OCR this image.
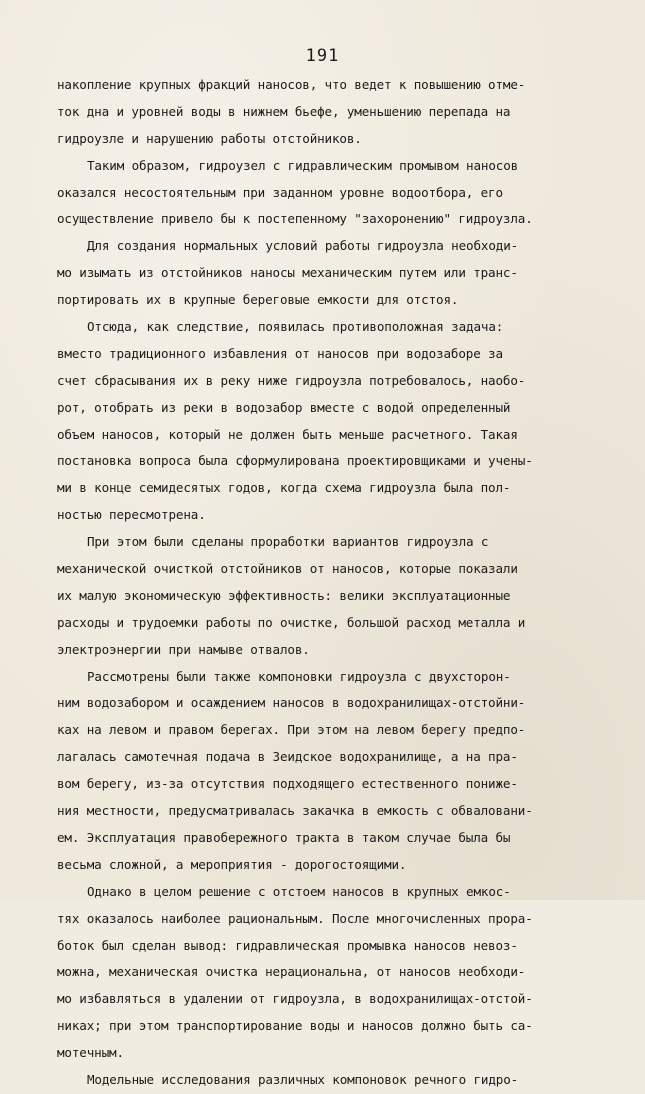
191
накопление крупных фракций наносов, что ведет к повышению отме-
ток дна и уровней воды в нижнем бьефе, уменьшению перепада на
гидроузле и нарушению работы отстойников.
Таким образом, гидроузел с гидравлическим промывом наносов
оказался несостоятельным при заданном уровне водоотбора, его
осуществление привело бы к постепенному "захоронению" гидроузла.
Для создания нормальных условий работы гидроузла необходи-
мо изымать из отстойников наносы механическим путем или транс-
портировать их в крупные береговые емкости для отстоя.
Отсюда, как следствие, появилась противоположная задача:
вместо традиционного избавления от наносов при водозаборе за
счет сбрасывания их в реку ниже гидроузла потребовалось, наобо-
рот, отобрать из реки в водозабор вместе с водой определенный
объем наносов, который не должен быть меньше расчетного. Такая
постановка вопроса была сформулирована проектировщиками и учены-
ми в конце семидесятых годов, когда схема гидроузла была пол-
ностью пересмотрена.
При этом были сделаны проработки вариантов гидроузла с
механической очисткой отстойников от наносов, которые показали
их малую экономическую эффективность: велики эксплуатационные
расходы и трудоемки работы по очистке, большой расход металла и
электроэнергии при намыве отвалов.
Рассмотрены были также компоновки гидроузла с двухсторон-
ним водозабором и осаждением наносов в водохранилищах-отстойни-
ках на левом и правом берегах. При этом на левом берегу предпо-
лагалась самотечная подача в Зеидское водохранилище, а на пра-
вом берегу, из-за отсутствия подходящего естественного пониже-
ния местности, предусматривалась закачка в емкость с обваловани-
ем. Эксплуатация правобережного тракта в таком случае была бы
весьма сложной, а мероприятия - дорогостоящими.
Однако в целом решение с отстоем наносов в крупных емкос-
тях оказалось наиболее рациональным. После многочисленных прора-
боток был сделан вывод: гидравлическая промывка наносов невоз-
можна, механическая очистка нерациональна, от наносов необходи-
мо избавляться в удалении от гидроузла, в водохранилищах-отстой-
никах; при этом транспортирование воды и наносов должно быть са-
мотечным.
Модельные исследования различных компоновок речного гидро-
